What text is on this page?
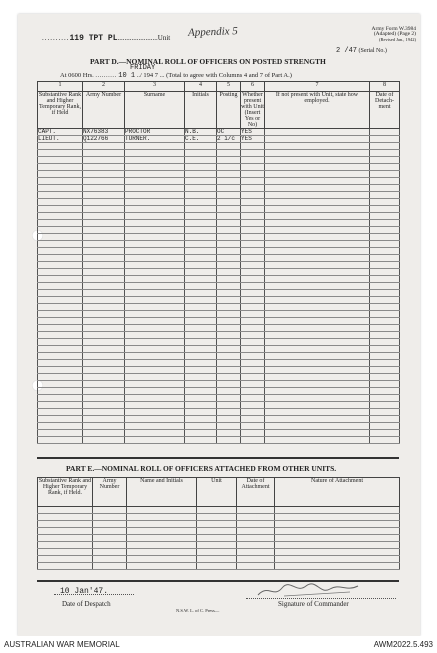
..........119 TPT PL.......................Unit Appendix 5	Army Form W.3984
(Adapted) (Page 2)
(Revised Jan., 1942)
2 /47 (Serial No.)
PART D.—NOMINAL ROLL OF OFFICERS ON POSTED STRENGTH
FRIDAY
At 0600 Hrs. .......... 10 1 ../ 194 7 ... (Total to agree with Columns 4 and 7 of Part A.)
1	2	3	4	5	6	7	8
Substantive Rank and Higher Temporary Rank, if Held	Army Number	Surname	Initials	Posting	Whether present with Unit (Insert Yes or No)	If not present with Unit, state how employed.	Date of Detach-ment
CAPT.	NX76383	PROCTOR	N.B.	OC	YES		
LIEUT.	Q122766	TURNER.	C.E.	2 i/c	YES		

PART E.—NOMINAL ROLL OF OFFICERS ATTACHED FROM OTHER UNITS.
Substantive Rank and Higher Temporary Rank, if Held.	Army Number	Name and Initials	Unit	Date of Attachment	Nature of Attachment

10 Jan'47.
Date of Despatch	Signature of Commander
N.S.W. L. of C. Press—
AUSTRALIAN WAR MEMORIAL	AWM2022.5.493
